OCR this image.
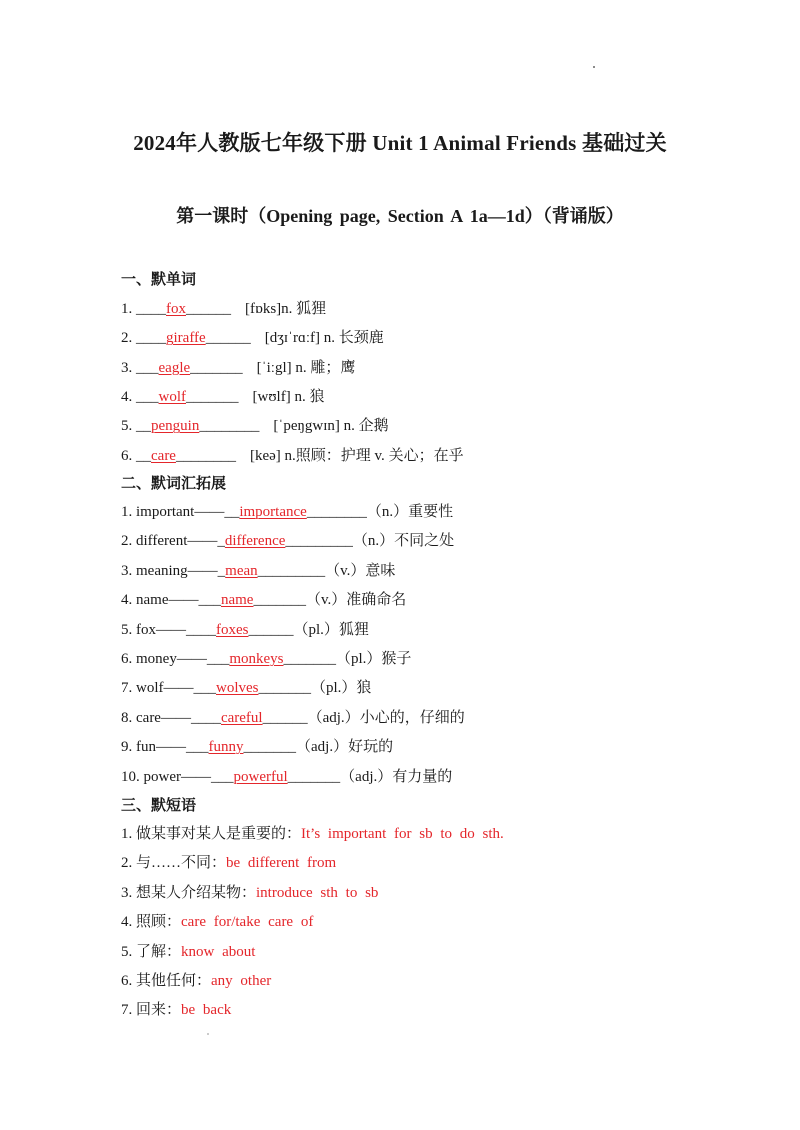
2024年人教版七年级下册 Unit 1 Animal Friends 基础过关
第一课时（Opening page, Section A 1a—1d）（背诵版）
一、默单词
1. ____fox______ [fɒks]n. 狐狸
2. ____giraffe______ [dʒɪˈrɑːf] n. 长颈鹿
3. ___eagle_______ [ˈiːgl] n. 雕；鹰
4. ___wolf_______ [wʊlf] n. 狼
5. __penguin________ [ˈpeŋgwɪn] n. 企鹅
6. __care________ [keə] n.照顾：护理 v. 关心；在乎
二、默词汇拓展
1. important——__importance________（n.）重要性
2. different——_difference_________（n.）不同之处
3. meaning——_mean_________（v.）意味
4. name——___name_______（v.）准确命名
5. fox——____foxes______（pl.）狐狸
6. money——___monkeys_______（pl.）猴子
7. wolf——___wolves_______（pl.）狼
8. care——____careful______（adj.）小心的，仔细的
9. fun——___funny_______（adj.）好玩的
10. power——___powerful_______（adj.）有力量的
三、默短语
1. 做某事对某人是重要的：It’s important for sb to do sth.
2. 与……不同：be different from
3. 想某人介绍某物：introduce sth to sb
4. 照顾：care for/take care of
5. 了解：know about
6. 其他任何：any other
7. 回来：be back
